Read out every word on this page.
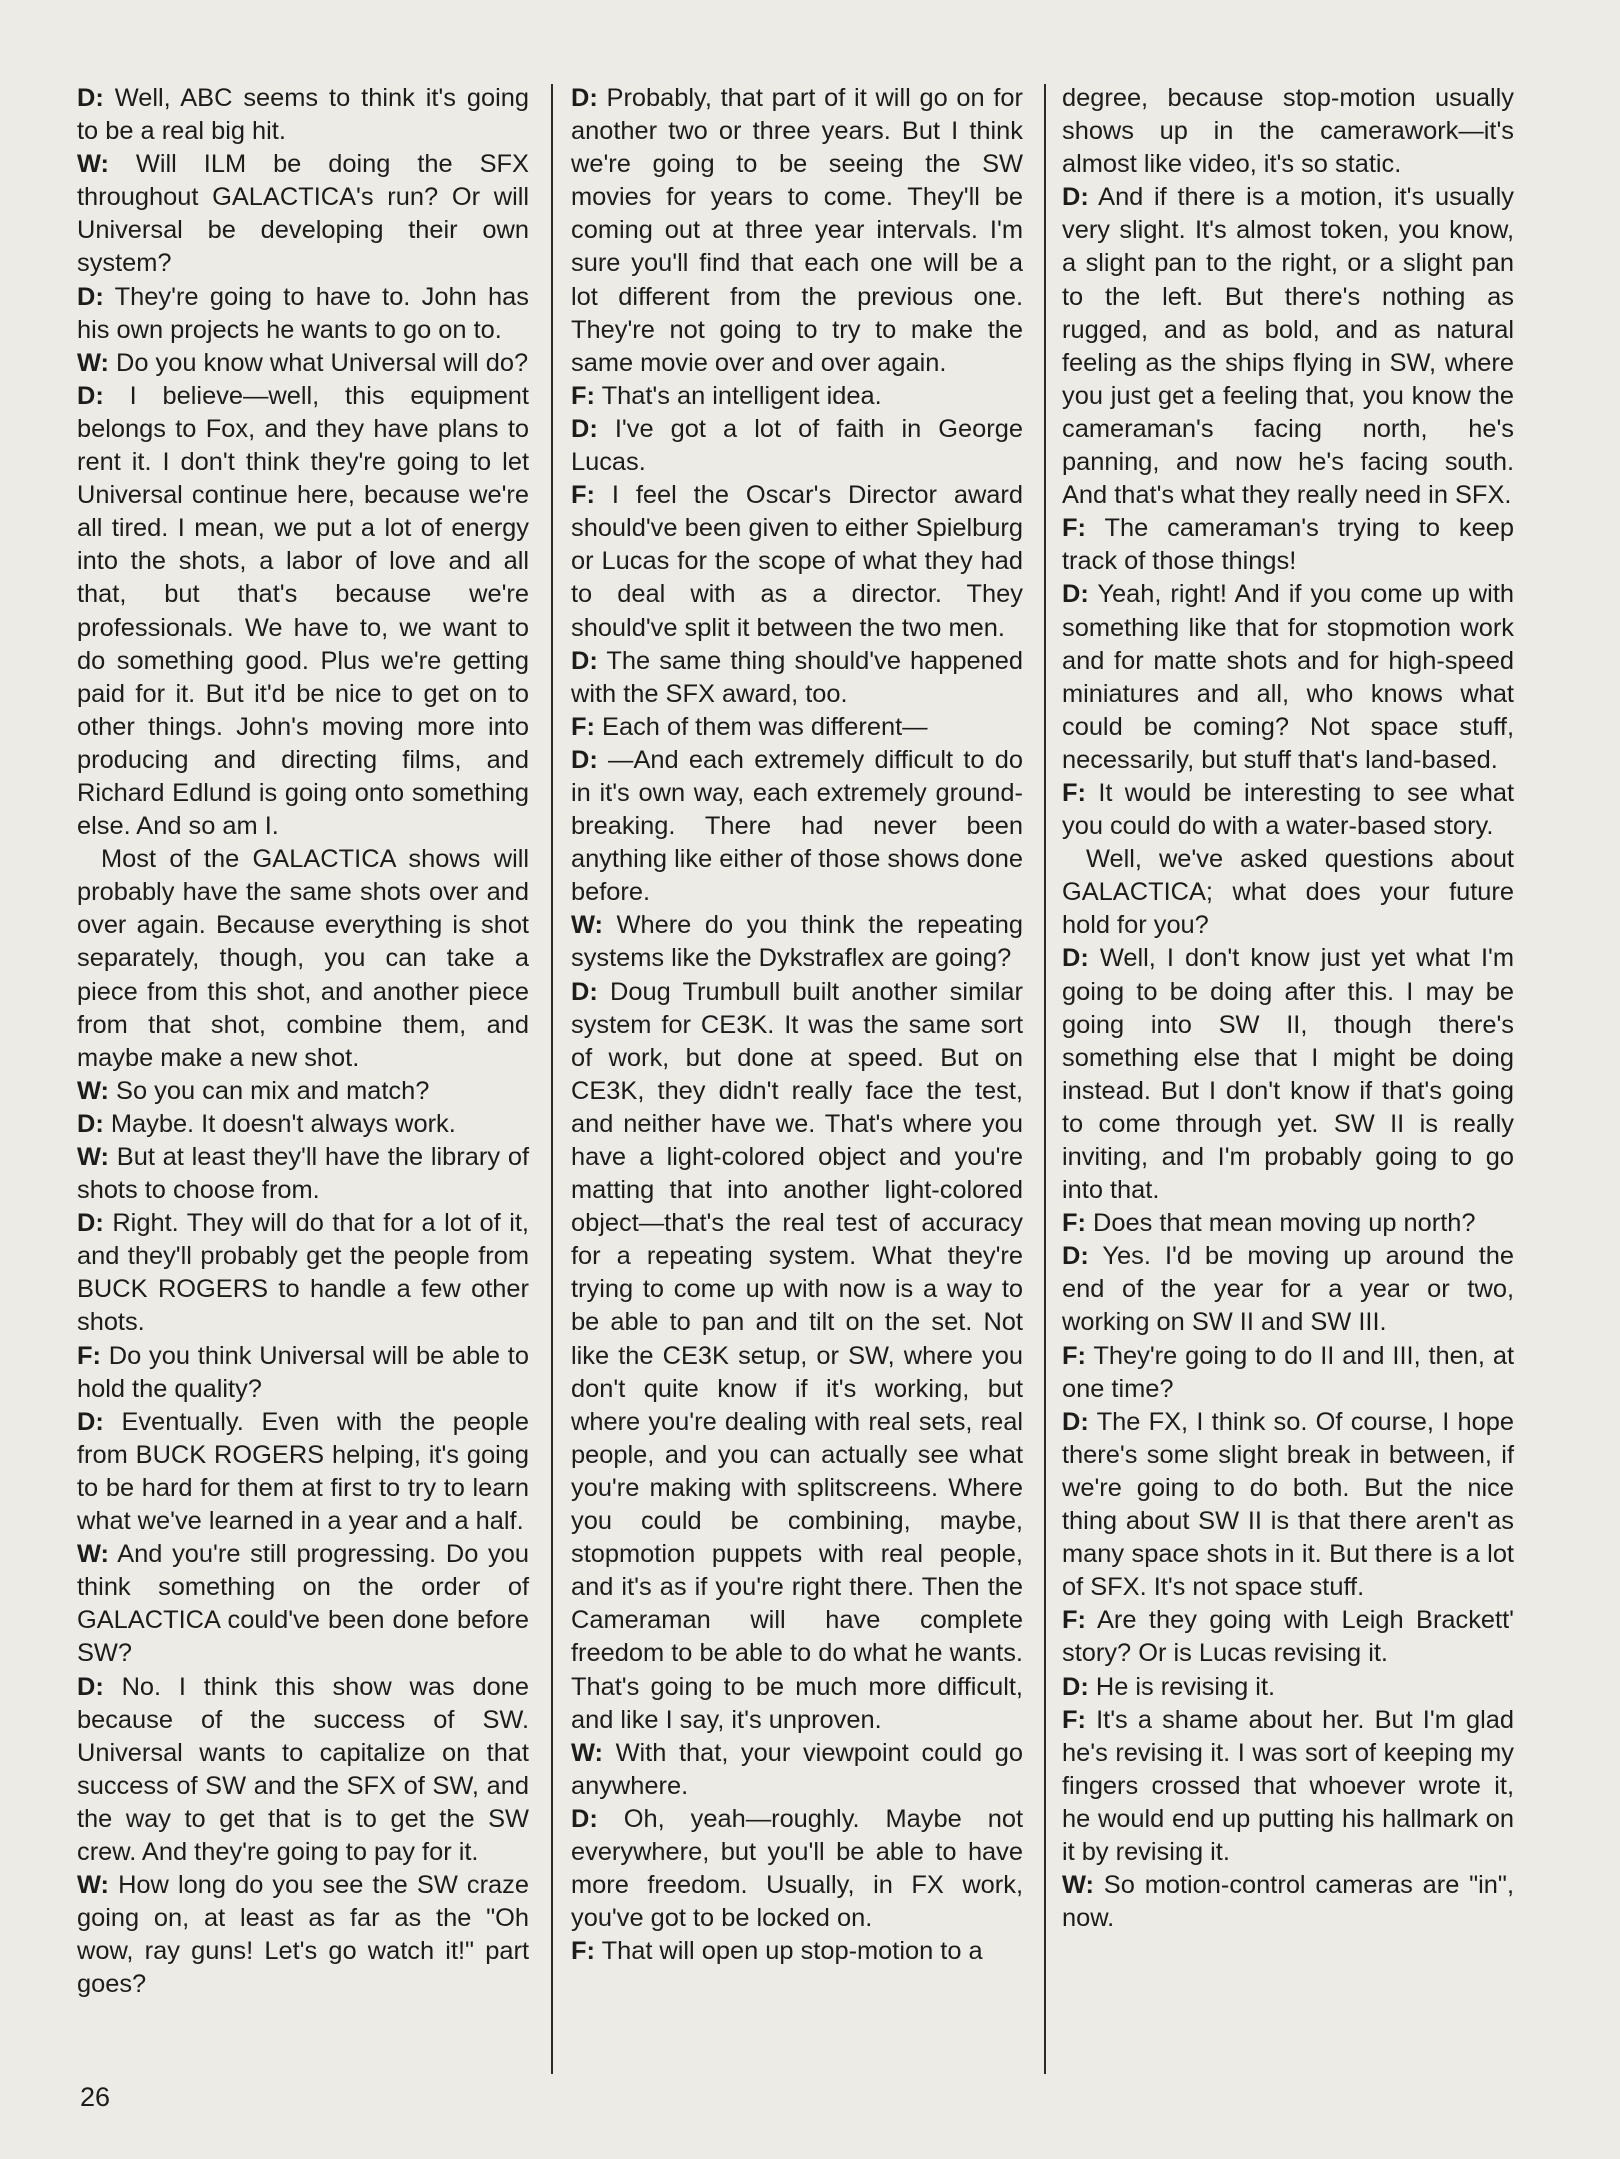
D: Well, ABC seems to think it's going to be a real big hit.

W: Will ILM be doing the SFX throughout GALACTICA's run? Or will Universal be developing their own system?

D: They're going to have to. John has his own projects he wants to go on to.

W: Do you know what Universal will do?

D: I believe—well, this equipment belongs to Fox, and they have plans to rent it. I don't think they're going to let Universal continue here, because we're all tired. I mean, we put a lot of energy into the shots, a labor of love and all that, but that's because we're professionals. We have to, we want to do something good. Plus we're getting paid for it. But it'd be nice to get on to other things. John's moving more into producing and directing films, and Richard Edlund is going onto something else. And so am I.

Most of the GALACTICA shows will probably have the same shots over and over again. Because everything is shot separately, though, you can take a piece from this shot, and another piece from that shot, combine them, and maybe make a new shot.

W: So you can mix and match?

D: Maybe. It doesn't always work.

W: But at least they'll have the library of shots to choose from.

D: Right. They will do that for a lot of it, and they'll probably get the people from BUCK ROGERS to handle a few other shots.

F: Do you think Universal will be able to hold the quality?

D: Eventually. Even with the people from BUCK ROGERS helping, it's going to be hard for them at first to try to learn what we've learned in a year and a half.

W: And you're still progressing. Do you think something on the order of GALACTICA could've been done before SW?

D: No. I think this show was done because of the success of SW. Universal wants to capitalize on that success of SW and the SFX of SW, and the way to get that is to get the SW crew. And they're going to pay for it.

W: How long do you see the SW craze going on, at least as far as the "Oh wow, ray guns! Let's go watch it!" part goes?

D: Probably, that part of it will go on for another two or three years. But I think we're going to be seeing the SW movies for years to come. They'll be coming out at three year intervals. I'm sure you'll find that each one will be a lot different from the previous one. They're not going to try to make the same movie over and over again.

F: That's an intelligent idea.

D: I've got a lot of faith in George Lucas.

F: I feel the Oscar's Director award should've been given to either Spielburg or Lucas for the scope of what they had to deal with as a director. They should've split it between the two men.

D: The same thing should've happened with the SFX award, too.

F: Each of them was different—

D: —And each extremely difficult to do in it's own way, each extremely ground-breaking. There had never been anything like either of those shows done before.

W: Where do you think the repeating systems like the Dykstraflex are going?

D: Doug Trumbull built another similar system for CE3K. It was the same sort of work, but done at speed. But on CE3K, they didn't really face the test, and neither have we. That's where you have a light-colored object and you're matting that into another light-colored object—that's the real test of accuracy for a repeating system. What they're trying to come up with now is a way to be able to pan and tilt on the set. Not like the CE3K setup, or SW, where you don't quite know if it's working, but where you're dealing with real sets, real people, and you can actually see what you're making with splitscreens. Where you could be combining, maybe, stopmotion puppets with real people, and it's as if you're right there. Then the Cameraman will have complete freedom to be able to do what he wants. That's going to be much more difficult, and like I say, it's unproven.

W: With that, your viewpoint could go anywhere.

D: Oh, yeah—roughly. Maybe not everywhere, but you'll be able to have more freedom. Usually, in FX work, you've got to be locked on.

F: That will open up stop-motion to a

degree, because stop-motion usually shows up in the camerawork—it's almost like video, it's so static.

D: And if there is a motion, it's usually very slight. It's almost token, you know, a slight pan to the right, or a slight pan to the left. But there's nothing as rugged, and as bold, and as natural feeling as the ships flying in SW, where you just get a feeling that, you know the cameraman's facing north, he's panning, and now he's facing south. And that's what they really need in SFX.

F: The cameraman's trying to keep track of those things!

D: Yeah, right! And if you come up with something like that for stopmotion work and for matte shots and for high-speed miniatures and all, who knows what could be coming? Not space stuff, necessarily, but stuff that's land-based.

F: It would be interesting to see what you could do with a water-based story.

Well, we've asked questions about GALACTICA; what does your future hold for you?

D: Well, I don't know just yet what I'm going to be doing after this. I may be going into SW II, though there's something else that I might be doing instead. But I don't know if that's going to come through yet. SW II is really inviting, and I'm probably going to go into that.

F: Does that mean moving up north?

D: Yes. I'd be moving up around the end of the year for a year or two, working on SW II and SW III.

F: They're going to do II and III, then, at one time?

D: The FX, I think so. Of course, I hope there's some slight break in between, if we're going to do both. But the nice thing about SW II is that there aren't as many space shots in it. But there is a lot of SFX. It's not space stuff.

F: Are they going with Leigh Brackett' story? Or is Lucas revising it.

D: He is revising it.

F: It's a shame about her. But I'm glad he's revising it. I was sort of keeping my fingers crossed that whoever wrote it, he would end up putting his hallmark on it by revising it.

W: So motion-control cameras are "in", now.

26
